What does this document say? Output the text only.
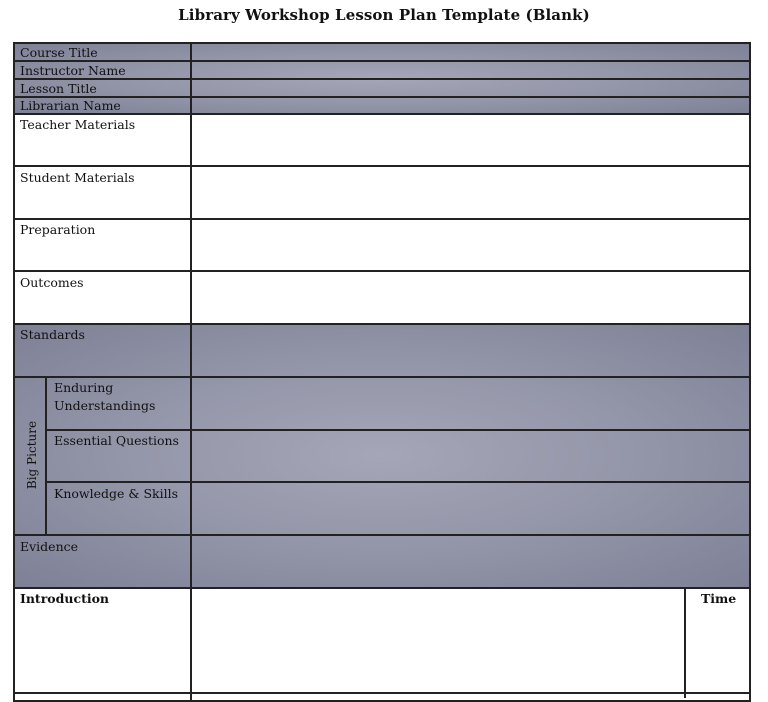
Library Workshop Lesson Plan Template (Blank)
Course Title
Instructor Name
Lesson Title
Librarian Name
Teacher Materials
Student Materials
Preparation
Outcomes
Standards
Big Picture
Enduring
Understandings
Essential Questions
Knowledge & Skills
Evidence
Introduction	Time
